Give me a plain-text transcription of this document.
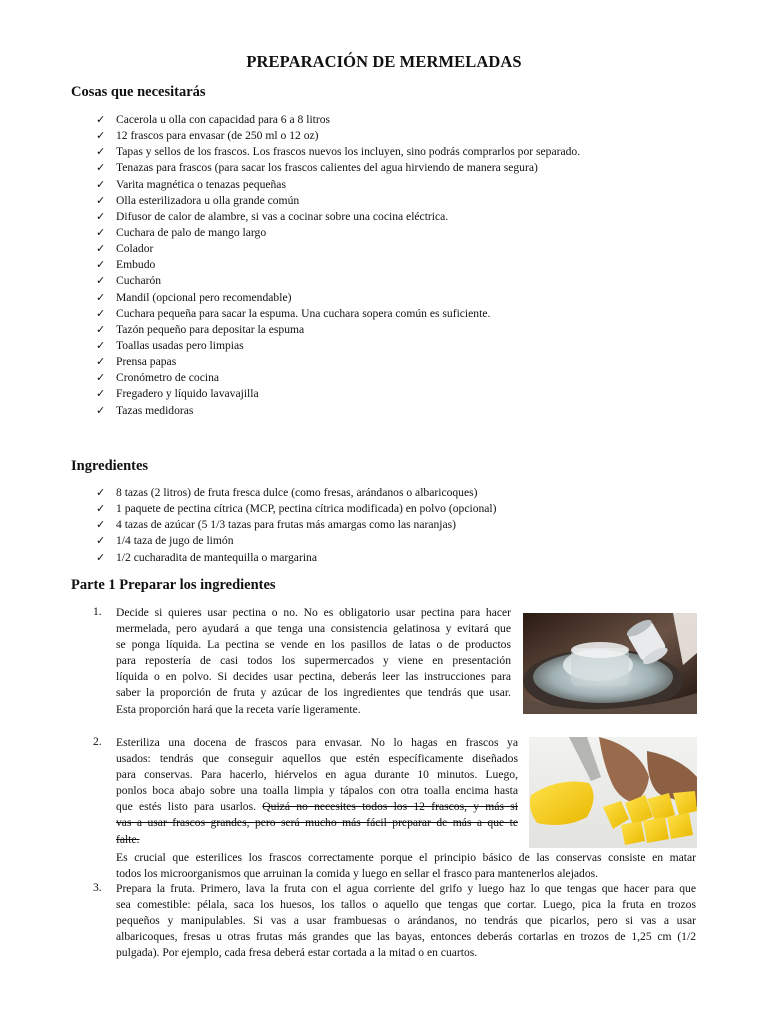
PREPARACIÓN DE MERMELADAS
Cosas que necesitarás
✓ Cacerola u olla con capacidad para 6 a 8 litros
✓ 12 frascos para envasar (de 250 ml o 12 oz)
✓ Tapas y sellos de los frascos. Los frascos nuevos los incluyen, sino podrás comprarlos por separado.
✓ Tenazas para frascos (para sacar los frascos calientes del agua hirviendo de manera segura)
✓ Varita magnética o tenazas pequeñas
✓ Olla esterilizadora u olla grande común
✓ Difusor de calor de alambre, si vas a cocinar sobre una cocina eléctrica.
✓ Cuchara de palo de mango largo
✓ Colador
✓ Embudo
✓ Cucharón
✓ Mandil (opcional pero recomendable)
✓ Cuchara pequeña para sacar la espuma. Una cuchara sopera común es suficiente.
✓ Tazón pequeño para depositar la espuma
✓ Toallas usadas pero limpias
✓ Prensa papas
✓ Cronómetro de cocina
✓ Fregadero y líquido lavavajilla
✓ Tazas medidoras
Ingredientes
✓ 8 tazas (2 litros) de fruta fresca dulce (como fresas, arándanos o albaricoques)
✓ 1 paquete de pectina cítrica (MCP, pectina cítrica modificada) en polvo (opcional)
✓ 4 tazas de azúcar (5 1/3 tazas para frutas más amargas como las naranjas)
✓ 1/4 taza de jugo de limón
✓ 1/2 cucharadita de mantequilla o margarina
Parte 1 Preparar los ingredientes
1. Decide si quieres usar pectina o no. No es obligatorio usar pectina para hacer
mermelada, pero ayudará a que tenga una consistencia gelatinosa y evitará que
se ponga líquida. La pectina se vende en los pasillos de latas o de productos
para repostería de casi todos los supermercados y viene en presentación
líquida o en polvo. Si decides usar pectina, deberás leer las instrucciones para
saber la proporción de fruta y azúcar de los ingredientes que tendrás que usar.
Esta proporción hará que la receta varíe ligeramente.
2. Esteriliza una docena de frascos para envasar. No lo hagas en frascos ya
usados: tendrás que conseguir aquellos que estén específicamente diseñados
para conservas. Para hacerlo, hiérvelos en agua durante 10 minutos. Luego,
ponlos boca abajo sobre una toalla limpia y tápalos con otra toalla encima hasta
que estés listo para usarlos. Quizá no necesites todos los 12 frascos, y más si
vas a usar frascos grandes, pero será mucho más fácil preparar de más a que te
falte.
Es crucial que esterilices los frascos correctamente porque el principio básico de las conservas consiste en matar
todos los microorganismos que arruinan la comida y luego en sellar el frasco para mantenerlos alejados.
3. Prepara la fruta. Primero, lava la fruta con el agua corriente del grifo y luego haz lo que tengas que hacer para que
sea comestible: pélala, saca los huesos, los tallos o aquello que tengas que cortar. Luego, pica la fruta en trozos
pequeños y manipulables. Si vas a usar frambuesas o arándanos, no tendrás que picarlos, pero si vas a usar
albaricoques, fresas u otras frutas más grandes que las bayas, entonces deberás cortarlas en trozos de 1,25 cm (1/2
pulgada). Por ejemplo, cada fresa deberá estar cortada a la mitad o en cuartos.
